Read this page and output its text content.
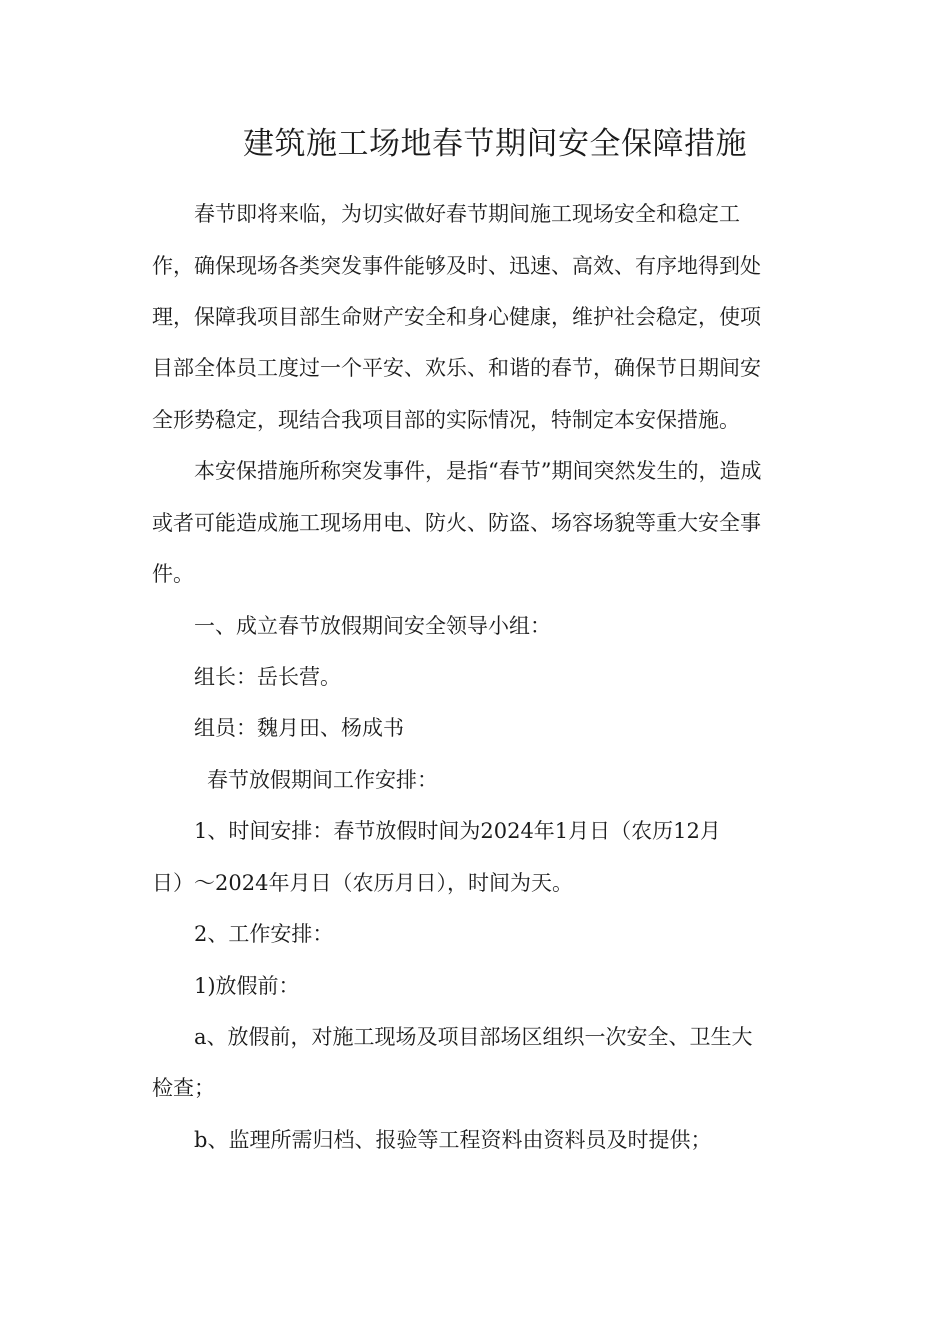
建筑施工场地春节期间安全保障措施

春节即将来临，为切实做好春节期间施工现场安全和稳定工

作，确保现场各类突发事件能够及时、迅速、高效、有序地得到处

理，保障我项目部生命财产安全和身心健康，维护社会稳定，使项

目部全体员工度过一个平安、欢乐、和谐的春节，确保节日期间安

全形势稳定，现结合我项目部的实际情况，特制定本安保措施。

本安保措施所称突发事件，是指“春节”期间突然发生的，造成

或者可能造成施工现场用电、防火、防盗、场容场貌等重大安全事

件。

一、成立春节放假期间安全领导小组：

组长：岳长营。

组员：魏月田、杨成书

春节放假期间工作安排：

1、时间安排：春节放假时间为2024年1月日（农历12月

日）～2024年月日（农历月日），时间为天。

2、工作安排：

1)放假前：

a、放假前，对施工现场及项目部场区组织一次安全、卫生大

检查；

b、监理所需归档、报验等工程资料由资料员及时提供；
